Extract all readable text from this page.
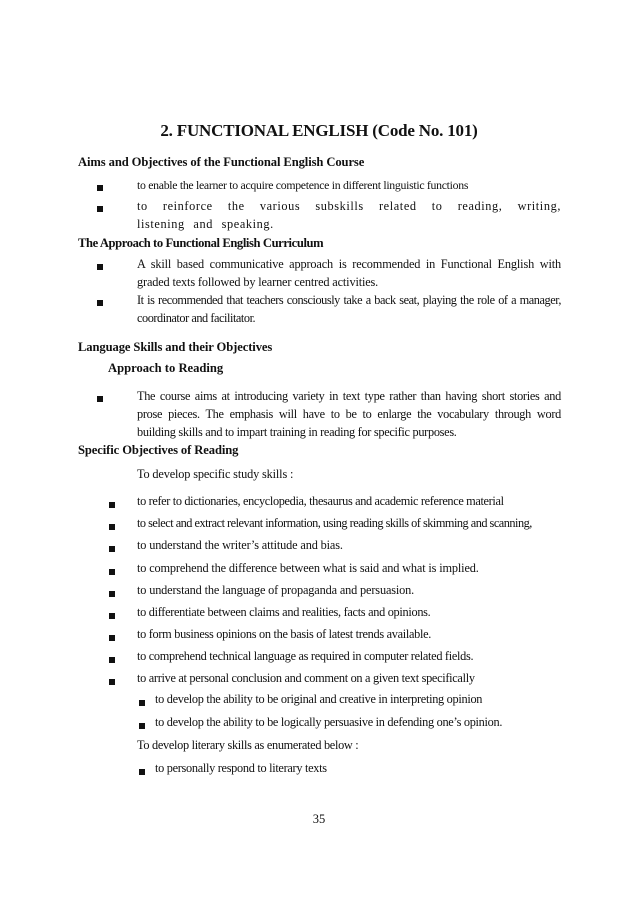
2. FUNCTIONAL ENGLISH (Code No. 101)
Aims and Objectives of the Functional English Course
to enable the learner to acquire competence in different linguistic functions
to reinforce the various subskills related to reading, writing, listening and speaking.
The Approach to Functional English Curriculum
A skill based communicative approach is recommended in Functional English with graded texts followed by learner centred activities.
It is recommended that teachers consciously take a back seat, playing the role of a manager, coordinator and facilitator.
Language Skills and their Objectives
Approach to Reading
The course aims at introducing variety in text type rather than having short stories and prose pieces. The emphasis will have to be to enlarge the vocabulary through word building skills and to impart training in reading for specific purposes.
Specific Objectives of Reading
To develop specific study skills :
to refer to dictionaries, encyclopedia, thesaurus and academic reference material
to select and extract relevant information, using reading skills of skimming and scanning,
to understand the writer’s attitude and bias.
to comprehend the difference between what is said and what is implied.
to understand the language of propaganda and persuasion.
to differentiate between claims and realities, facts and opinions.
to form business opinions on the basis of latest trends available.
to comprehend technical language as required in computer related fields.
to arrive at personal conclusion and comment on a given text specifically
to develop the ability to be original and creative in interpreting opinion
to develop the ability to be logically persuasive in defending one’s opinion.
To develop literary skills as enumerated below :
to personally respond to literary texts
35
